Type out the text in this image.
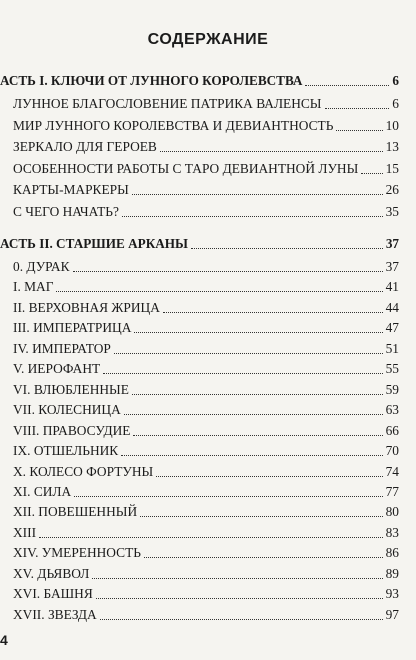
СОДЕРЖАНИЕ
АСТЬ I. КЛЮЧИ ОТ ЛУННОГО КОРОЛЕВСТВА	6
ЛУННОЕ БЛАГОСЛОВЕНИЕ ПАТРИКА ВАЛЕНСЫ	6
МИР ЛУННОГО КОРОЛЕВСТВА И ДЕВИАНТНОСТЬ	10
ЗЕРКАЛО ДЛЯ ГЕРОЕВ	13
ОСОБЕННОСТИ РАБОТЫ С ТАРО ДЕВИАНТНОЙ ЛУНЫ 15
КАРТЫ-МАРКЕРЫ	26
С ЧЕГО НАЧАТЬ?	35
АСТЬ II. СТАРШИЕ АРКАНЫ	37
0. ДУРАК	37
I. МАГ	41
II. ВЕРХОВНАЯ ЖРИЦА	44
III. ИМПЕРАТРИЦА	47
IV. ИМПЕРАТОР	51
V. ИЕРОФАНТ	55
VI. ВЛЮБЛЕННЫЕ	59
VII. КОЛЕСНИЦА	63
VIII. ПРАВОСУДИЕ	66
IX. ОТШЕЛЬНИК	70
X. КОЛЕСО ФОРТУНЫ	74
XI. СИЛА	77
XII. ПОВЕШЕННЫЙ	80
XIII	83
XIV. УМЕРЕННОСТЬ	86
XV. ДЬЯВОЛ	89
XVI. БАШНЯ	93
XVII. ЗВЕЗДА	97
4
